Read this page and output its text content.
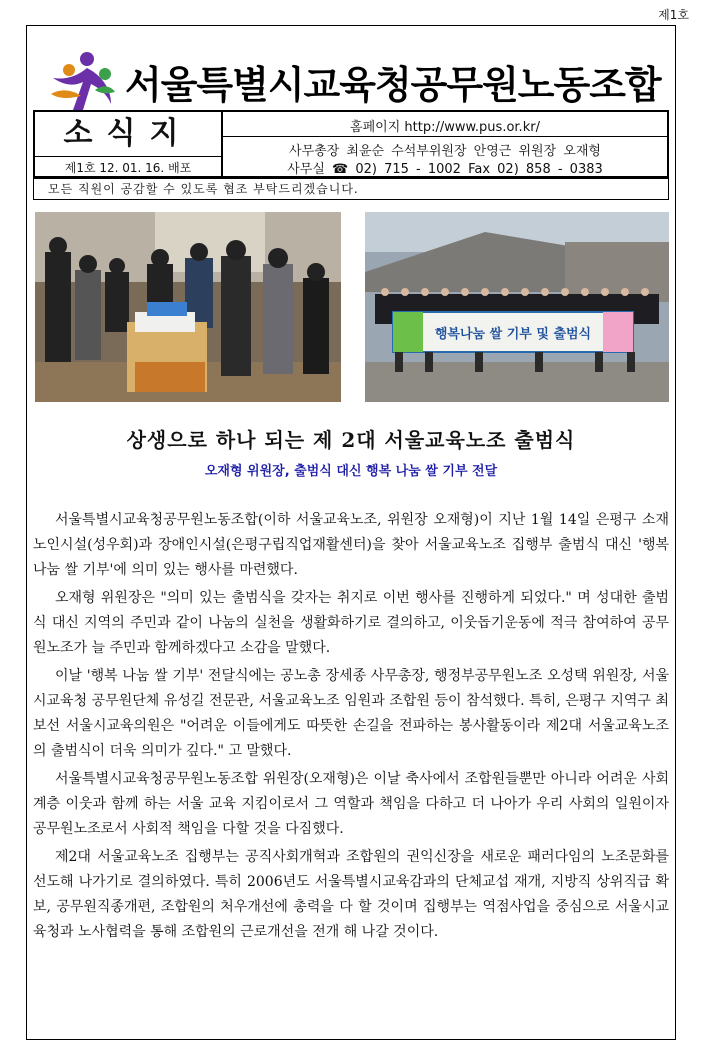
제1호
서울특별시교육청공무원노동조합
소식지
제1호 12. 01. 16. 배포
홈페이지 http://www.pus.or.kr/
사무총장 최윤순 수석부위원장 안영근 위원장 오재형
사무실 ☎ 02) 715 - 1002 Fax 02) 858 - 0383
모든 직원이 공감할 수 있도록 협조 부탁드리겠습니다.
행복나눔 쌀 기부 및 출범식
상생으로 하나 되는 제 2대 서울교육노조 출범식
오재형 위원장, 출범식 대신 행복 나눔 쌀 기부 전달

서울특별시교육청공무원노동조합(이하 서울교육노조, 위원장 오재형)이 지난 1월 14일 은평구 소재 노인시설(성우회)과 장애인시설(은평구립직업재활센터)을 찾아 서울교육노조 집행부 출범식 대신 '행복 나눔 쌀 기부'에 의미 있는 행사를 마련했다.

오재형 위원장은 "의미 있는 출범식을 갖자는 취지로 이번 행사를 진행하게 되었다." 며 성대한 출범식 대신 지역의 주민과 같이 나눔의 실천을 생활화하기로 결의하고, 이웃돕기운동에 적극 참여하여 공무원노조가 늘 주민과 함께하겠다고 소감을 말했다.

이날 '행복 나눔 쌀 기부' 전달식에는 공노총 장세종 사무총장, 행정부공무원노조 오성택 위원장, 서울시교육청 공무원단체 유성길 전문관, 서울교육노조 임원과 조합원 등이 참석했다. 특히, 은평구 지역구 최보선 서울시교육의원은 "어려운 이들에게도 따뜻한 손길을 전파하는 봉사활동이라 제2대 서울교육노조의 출범식이 더욱 의미가 깊다." 고 말했다.

서울특별시교육청공무원노동조합 위원장(오재형)은 이날 축사에서 조합원들뿐만 아니라 어려운 사회계층 이웃과 함께 하는 서울 교육 지킴이로서 그 역할과 책임을 다하고 더 나아가 우리 사회의 일원이자 공무원노조로서 사회적 책임을 다할 것을 다짐했다.

제2대 서울교육노조 집행부는 공직사회개혁과 조합원의 권익신장을 새로운 패러다임의 노조문화를 선도해 나가기로 결의하였다. 특히 2006년도 서울특별시교육감과의 단체교섭 재개, 지방직 상위직급 확보, 공무원직종개편, 조합원의 처우개선에 총력을 다 할 것이며 집행부는 역점사업을 중심으로 서울시교육청과 노사협력을 통해 조합원의 근로개선을 전개 해 나갈 것이다.
